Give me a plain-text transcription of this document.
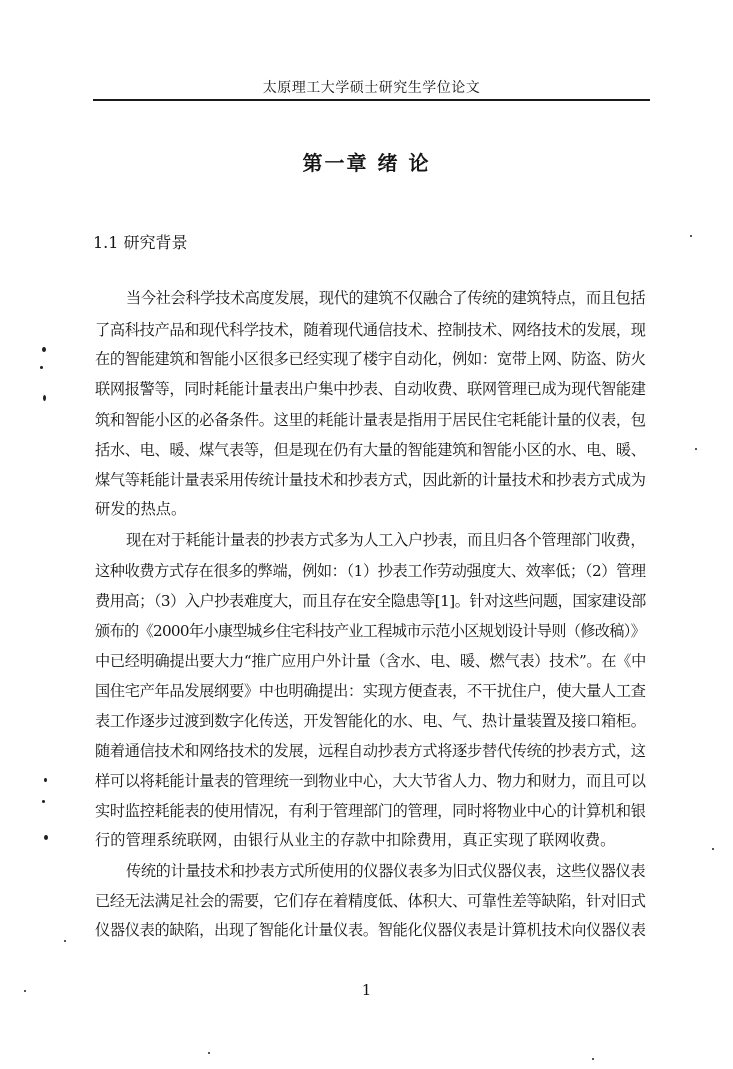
太原理工大学硕士研究生学位论文
第一章 绪 论
1.1 研究背景

当今社会科学技术高度发展，现代的建筑不仅融合了传统的建筑特点，而且包括

了高科技产品和现代科学技术，随着现代通信技术、控制技术、网络技术的发展，现

在的智能建筑和智能小区很多已经实现了楼宇自动化，例如：宽带上网、防盗、防火

联网报警等，同时耗能计量表出户集中抄表、自动收费、联网管理已成为现代智能建

筑和智能小区的必备条件。这里的耗能计量表是指用于居民住宅耗能计量的仪表，包

括水、电、暖、煤气表等，但是现在仍有大量的智能建筑和智能小区的水、电、暖、

煤气等耗能计量表采用传统计量技术和抄表方式，因此新的计量技术和抄表方式成为

研发的热点。

现在对于耗能计量表的抄表方式多为人工入户抄表，而且归各个管理部门收费，

这种收费方式存在很多的弊端，例如：（1）抄表工作劳动强度大、效率低；（2）管理

费用高；（3）入户抄表难度大，而且存在安全隐患等[1]。针对这些问题，国家建设部

颁布的《2000年小康型城乡住宅科技产业工程城市示范小区规划设计导则（修改稿）》

中已经明确提出要大力“推广应用户外计量（含水、电、暖、燃气表）技术”。在《中

国住宅产年品发展纲要》中也明确提出：实现方便查表，不干扰住户，使大量人工查

表工作逐步过渡到数字化传送，开发智能化的水、电、气、热计量装置及接口箱柜。

随着通信技术和网络技术的发展，远程自动抄表方式将逐步替代传统的抄表方式，这

样可以将耗能计量表的管理统一到物业中心，大大节省人力、物力和财力，而且可以

实时监控耗能表的使用情况，有利于管理部门的管理，同时将物业中心的计算机和银

行的管理系统联网，由银行从业主的存款中扣除费用，真正实现了联网收费。

传统的计量技术和抄表方式所使用的仪器仪表多为旧式仪器仪表，这些仪器仪表

已经无法满足社会的需要，它们存在着精度低、体积大、可靠性差等缺陷，针对旧式

仪器仪表的缺陷，出现了智能化计量仪表。智能化仪器仪表是计算机技术向仪器仪表

1
